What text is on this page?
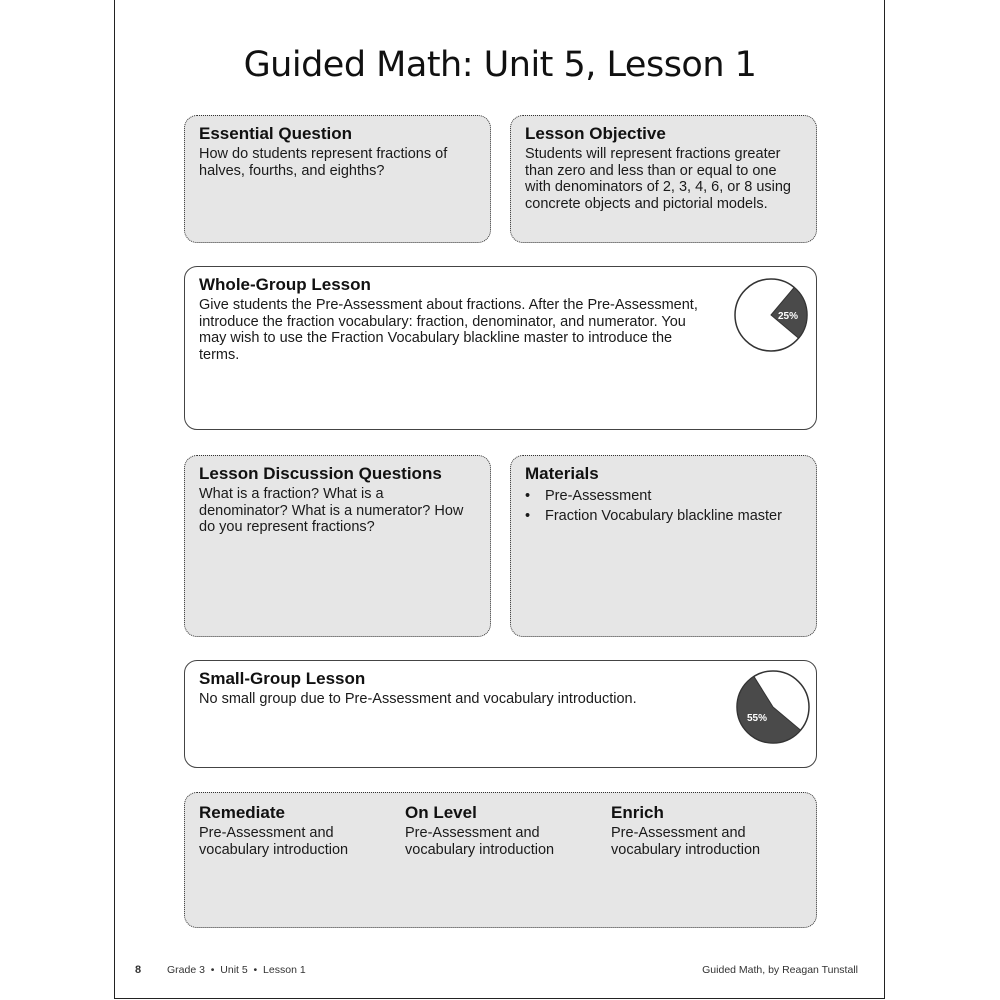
Guided Math: Unit 5, Lesson 1
Essential Question

How do students represent fractions of halves, fourths, and eighths?

Lesson Objective

Students will represent fractions greater than zero and less than or equal to one with denominators of 2, 3, 4, 6, or 8 using concrete objects and pictorial models.

Whole-Group Lesson

Give students the Pre-Assessment about fractions. After the Pre-Assessment, introduce the fraction vocabulary: fraction, denominator, and numerator. You may wish to use the Fraction Vocabulary blackline master to introduce the terms.

25%
Lesson Discussion Questions

What is a fraction? What is a denominator? What is a numerator? How do you represent fractions?

Materials
• Pre-Assessment
• Fraction Vocabulary blackline master
Small-Group Lesson

No small group due to Pre-Assessment and vocabulary introduction.

55%
Remediate

Pre-Assessment and vocabulary introduction

On Level

Pre-Assessment and vocabulary introduction

Enrich

Pre-Assessment and vocabulary introduction

8 Grade 3  •  Unit 5  •  Lesson 1	Guided Math, by Reagan Tunstall
